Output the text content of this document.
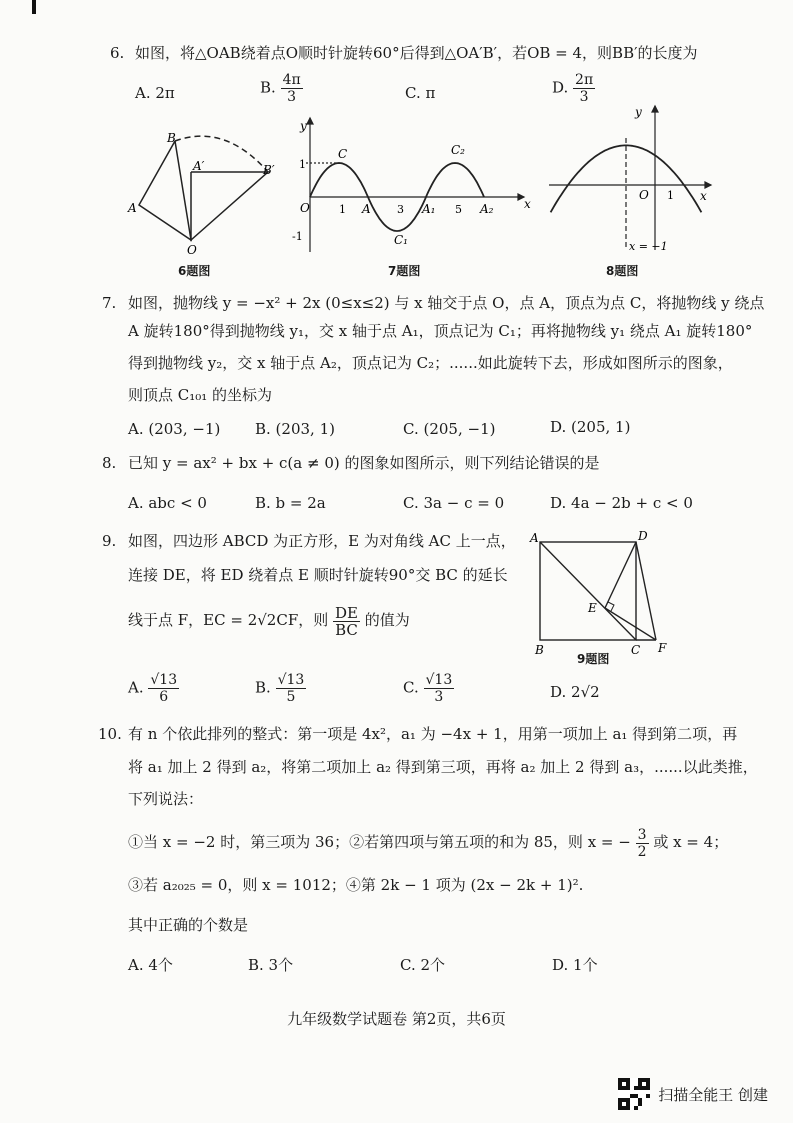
6. 如图，将△OAB绕着点O顺时针旋转60°后得到△OA′B′，若OB = 4，则BB′的长度为
A. 2π	B. $\frac{4\pi}{3}$	C. π	D. $\frac{2\pi}{3}$
B
A
A′	B′
O
6题图
y
x
O	1	3	5
A	A₁	A₂
C
C₁
C₂
1
-1
7题图
y
x
O 1
x = −1
8题图
7. 如图，抛物线 y = −x² + 2x (0≤x≤2) 与 x 轴交于点 O，点 A，顶点为点 C，将抛物线 y 绕点
A 旋转180°得到抛物线 y₁，交 x 轴于点 A₁，顶点记为 C₁；再将抛物线 y₁ 绕点 A₁ 旋转180°
得到抛物线 y₂，交 x 轴于点 A₂，顶点记为 C₂；......如此旋转下去，形成如图所示的图象，
则顶点 C₁₀₁ 的坐标为
A. (203, −1) B. (203, 1)	C. (205, −1)	D. (205, 1)
8. 已知 y = ax² + bx + c(a ≠ 0) 的图象如图所示，则下列结论错误的是
A. abc < 0	B. b = 2a	C. 3a − c = 0	D. 4a − 2b + c < 0
9. 如图，四边形 ABCD 为正方形，E 为对角线 AC 上一点，
连接 DE，将 ED 绕着点 E 顺时针旋转90°交 BC 的延长
线于点 F，EC = 2√2CF，则 $\frac{DE}{BC}$ 的值为
A	D
E
B	C F
9题图
A. $\frac{√13}{6}$	B. $\frac{√13}{5}$	C. $\frac{√13}{3}$	D. 2√2
10. 有 n 个依此排列的整式：第一项是 4x²，a₁ 为 −4x + 1，用第一项加上 a₁ 得到第二项，再
将 a₁ 加上 2 得到 a₂，将第二项加上 a₂ 得到第三项，再将 a₂ 加上 2 得到 a₃，......以此类推，
下列说法：
①当 x = −2 时，第三项为 36；②若第四项与第五项的和为 85，则 x = − $\frac{3}{2}$ 或 x = 4；
③若 a₂₀₂₅ = 0，则 x = 1012；④第 2k − 1 项为 (2x − 2k + 1)².
其中正确的个数是
A. 4个	B. 3个	C. 2个	D. 1个
九年级数学试题卷 第2页，共6页
扫描全能王 创建
